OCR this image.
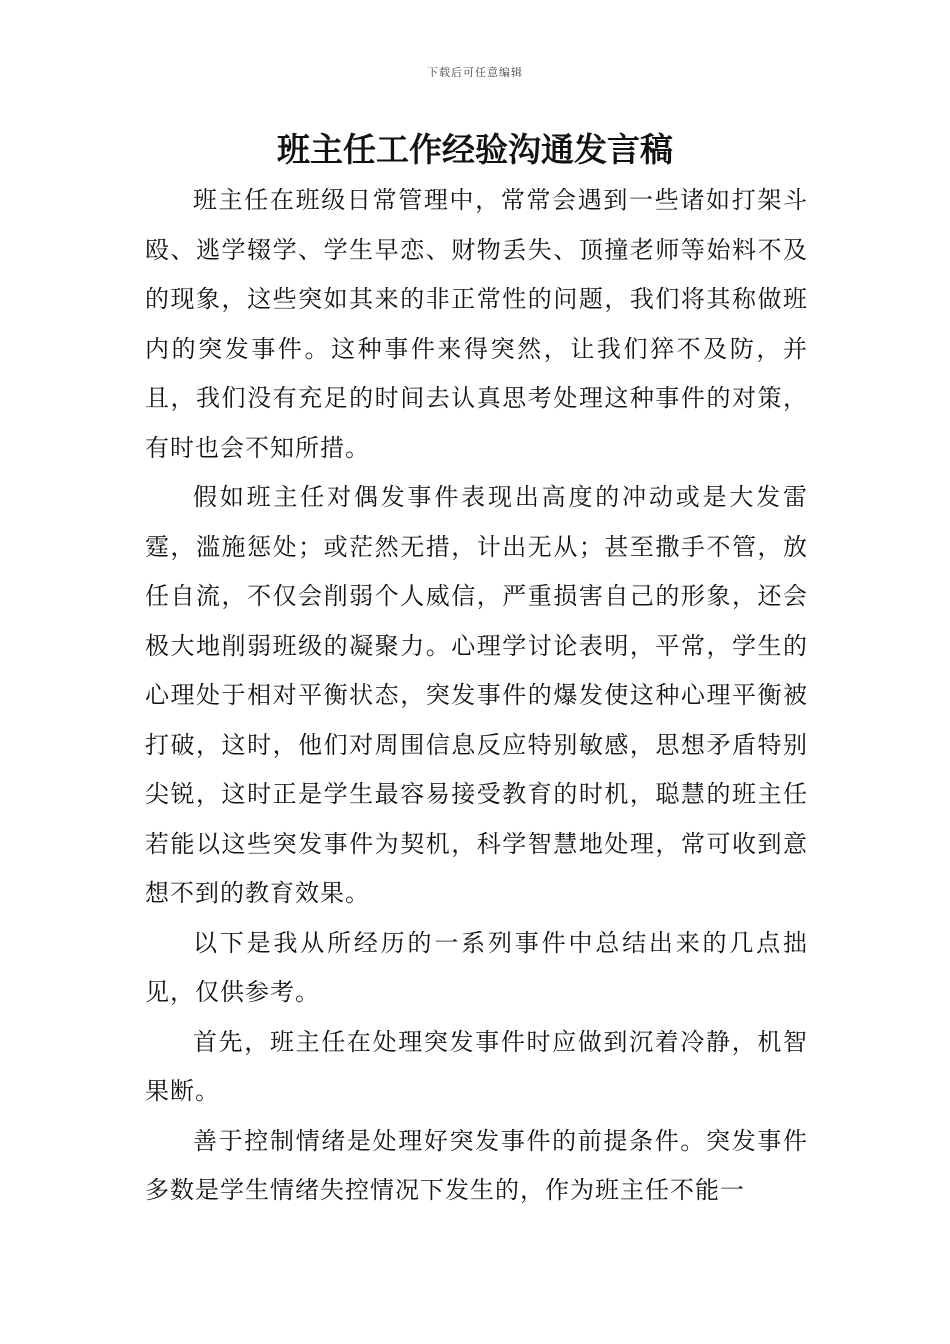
下载后可任意编辑
班主任工作经验沟通发言稿

班主任在班级日常管理中，常常会遇到一些诸如打架斗殴、逃学辍学、学生早恋、财物丢失、顶撞老师等始料不及的现象，这些突如其来的非正常性的问题，我们将其称做班内的突发事件。这种事件来得突然，让我们猝不及防，并且，我们没有充足的时间去认真思考处理这种事件的对策，有时也会不知所措。

假如班主任对偶发事件表现出高度的冲动或是大发雷霆，滥施惩处；或茫然无措，计出无从；甚至撒手不管，放任自流，不仅会削弱个人威信，严重损害自己的形象，还会极大地削弱班级的凝聚力。心理学讨论表明，平常，学生的心理处于相对平衡状态，突发事件的爆发使这种心理平衡被打破，这时，他们对周围信息反应特别敏感，思想矛盾特别尖锐，这时正是学生最容易接受教育的时机，聪慧的班主任若能以这些突发事件为契机，科学智慧地处理，常可收到意想不到的教育效果。

以下是我从所经历的一系列事件中总结出来的几点拙见，仅供参考。

首先，班主任在处理突发事件时应做到沉着冷静，机智果断。

善于控制情绪是处理好突发事件的前提条件。突发事件多数是学生情绪失控情况下发生的，作为班主任不能一
